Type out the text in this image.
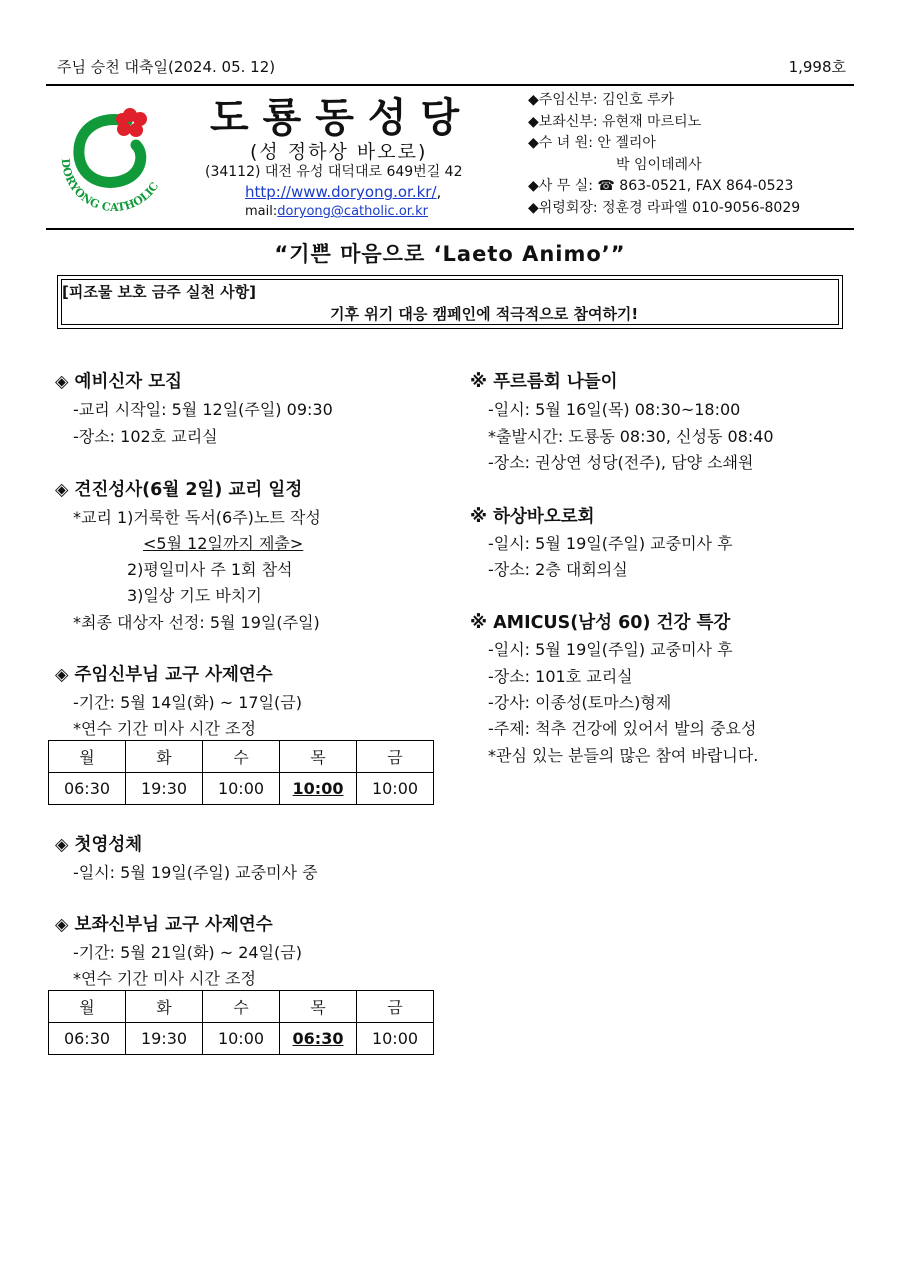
주님 승천 대축일(2024. 05. 12)	1,998호
DORYONG CATHOLIC
도룡동성당
(성 정하상 바오로)
(34112) 대전 유성 대덕대로 649번길 42
http://www.doryong.or.kr/,
mail:doryong@catholic.or.kr
◆주임신부: 김인호 루카
◆보좌신부: 유현재 마르티노
◆수 녀 원: 안 젤리아
박 임이데레사
◆사 무 실: ☎ 863-0521, FAX 864-0523
◆위령회장: 정훈경 라파엘 010-9056-8029
“기쁜 마음으로 ‘Laeto Animo’”
[피조물 보호 금주 실천 사항]
기후 위기 대응 캠페인에 적극적으로 참여하기!
◈ 예비신자 모집
-교리 시작일: 5월 12일(주일) 09:30
-장소: 102호 교리실
◈ 견진성사(6월 2일) 교리 일정
*교리 1)거룩한 독서(6주)노트 작성
<5월 12일까지 제출>
2)평일미사 주 1회 참석
3)일상 기도 바치기
*최종 대상자 선정: 5월 19일(주일)
◈ 주임신부님 교구 사제연수
-기간: 5월 14일(화) ~ 17일(금)
*연수 기간 미사 시간 조정
월	화	수	목	금
06:30	19:30	10:00	10:00	10:00
◈ 첫영성체
-일시: 5월 19일(주일) 교중미사 중
◈ 보좌신부님 교구 사제연수
-기간: 5월 21일(화) ~ 24일(금)
*연수 기간 미사 시간 조정
월	화	수	목	금
06:30	19:30	10:00	06:30	10:00
※ 푸르름회 나들이
-일시: 5월 16일(목) 08:30~18:00
*출발시간: 도룡동 08:30, 신성동 08:40
-장소: 권상연 성당(전주), 담양 소쇄원
※ 하상바오로회
-일시: 5월 19일(주일) 교중미사 후
-장소: 2층 대회의실
※ AMICUS(남성 60) 건강 특강
-일시: 5월 19일(주일) 교중미사 후
-장소: 101호 교리실
-강사: 이종성(토마스)형제
-주제: 척추 건강에 있어서 발의 중요성
*관심 있는 분들의 많은 참여 바랍니다.
